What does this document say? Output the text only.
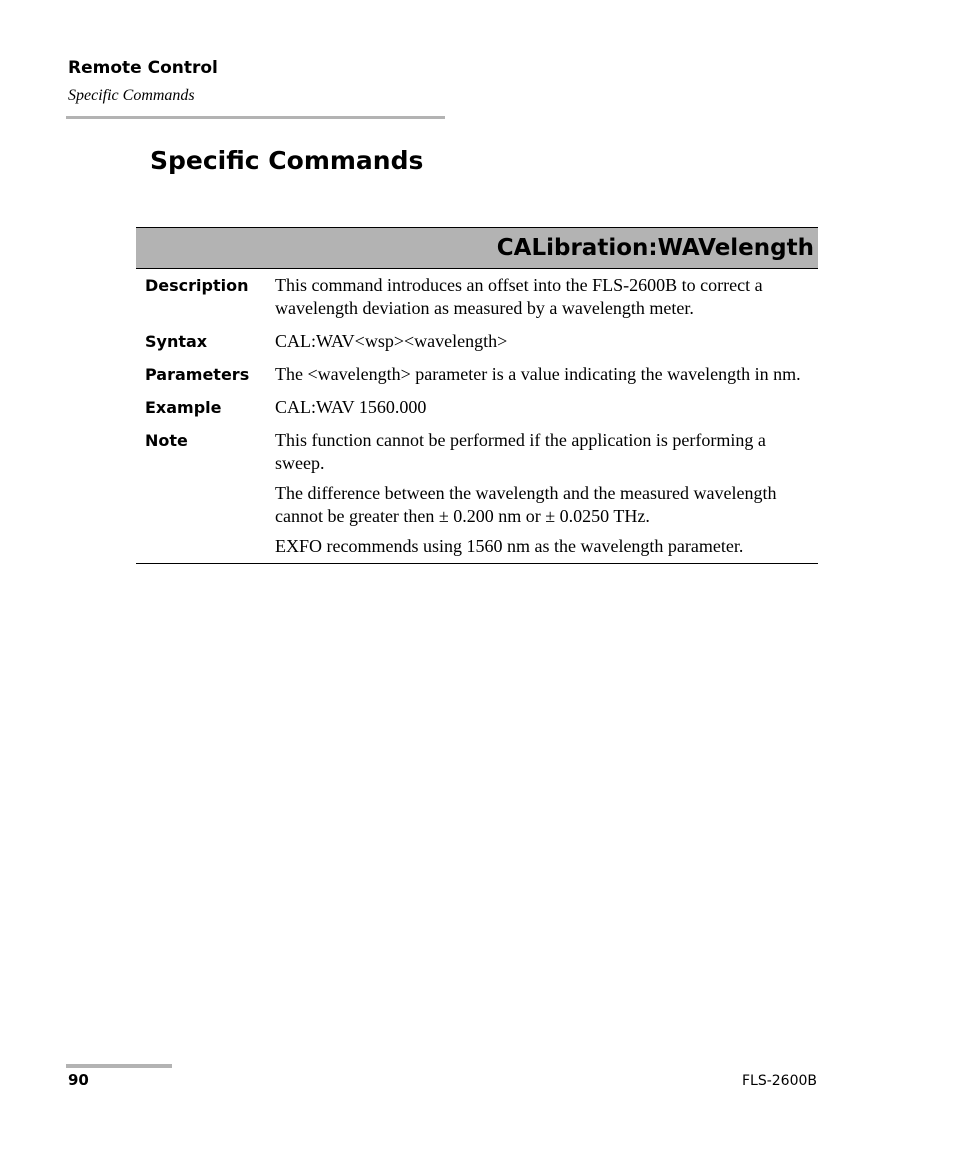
Remote Control
Specific Commands
Specific Commands
CALibration:WAVelength
Description	This command introduces an offset into the FLS-2600B to correct a wavelength deviation as measured by a wavelength meter.

Syntax	CAL:WAV<wsp><wavelength>

Parameters	The <wavelength> parameter is a value indicating the wavelength in nm.

Example	CAL:WAV 1560.000

Note	This function cannot be performed if the application is performing a sweep.

The difference between the wavelength and the measured wavelength cannot be greater then ± 0.200 nm or ± 0.0250 THz.

EXFO recommends using 1560 nm as the wavelength parameter.

90	FLS-2600B
